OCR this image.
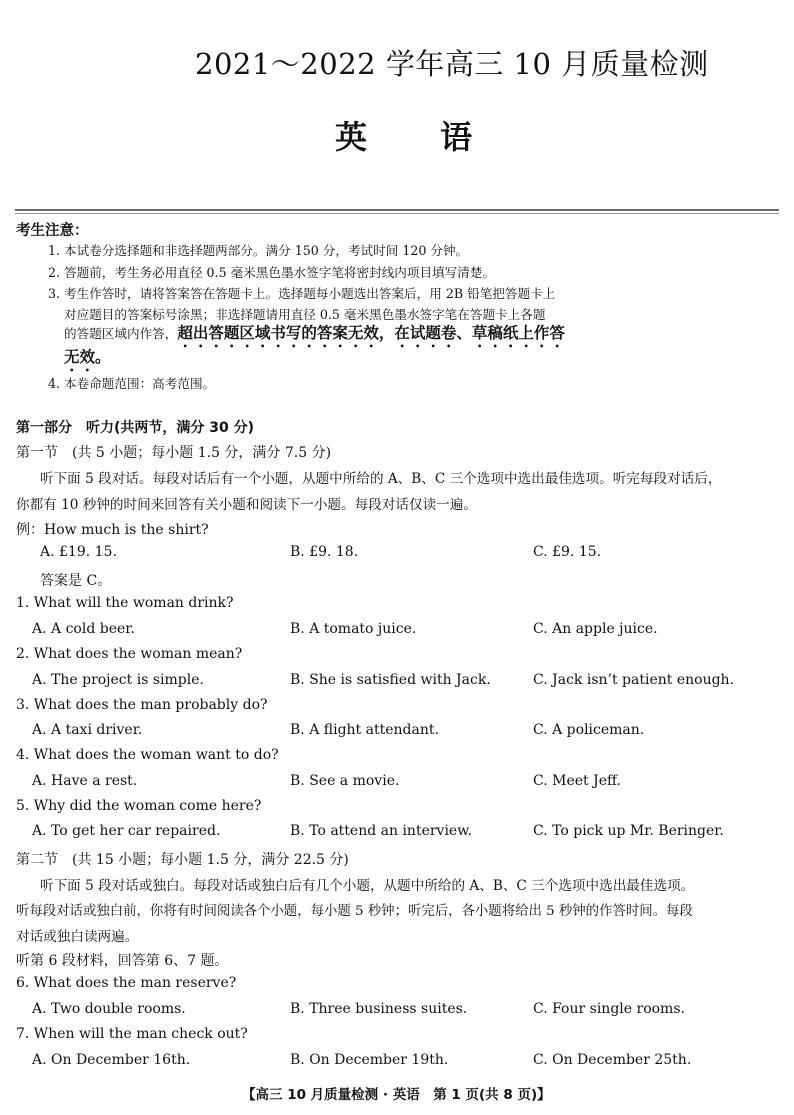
2021～2022 学年高三 10 月质量检测
英 语
考生注意：
1. 本试卷分选择题和非选择题两部分。满分 150 分，考试时间 120 分钟。
2. 答题前，考生务必用直径 0.5 毫米黑色墨水签字笔将密封线内项目填写清楚。
3. 考生作答时，请将答案答在答题卡上。选择题每小题选出答案后，用 2B 铅笔把答题卡上
对应题目的答案标号涂黑；非选择题请用直径 0.5 毫米黑色墨水签字笔在答题卡上各题
的答题区域内作答，超出答题区域书写的答案无效，在试题卷、草稿纸上作答
无效。
4. 本卷命题范围：高考范围。
第一部分　听力(共两节，满分 30 分)
第一节　(共 5 小题；每小题 1.5 分，满分 7.5 分)
听下面 5 段对话。每段对话后有一个小题，从题中所给的 A、B、C 三个选项中选出最佳选项。听完每段对话后，
你都有 10 秒钟的时间来回答有关小题和阅读下一小题。每段对话仅读一遍。
例：How much is the shirt?
A. £19. 15.	B. £9. 18.	C. £9. 15.
答案是 C。
1. What will the woman drink?
A. A cold beer.	B. A tomato juice.	C. An apple juice.
2. What does the woman mean?
A. The project is simple.	B. She is satisfied with Jack.	C. Jack isn’t patient enough.
3. What does the man probably do?
A. A taxi driver.	B. A flight attendant.	C. A policeman.
4. What does the woman want to do?
A. Have a rest.	B. See a movie.	C. Meet Jeff.
5. Why did the woman come here?
A. To get her car repaired.	B. To attend an interview.	C. To pick up Mr. Beringer.
第二节　(共 15 小题；每小题 1.5 分，满分 22.5 分)
听下面 5 段对话或独白。每段对话或独白后有几个小题，从题中所给的 A、B、C 三个选项中选出最佳选项。
听每段对话或独白前，你将有时间阅读各个小题，每小题 5 秒钟；听完后，各小题将给出 5 秒钟的作答时间。每段
对话或独白读两遍。
听第 6 段材料，回答第 6、7 题。
6. What does the man reserve?
A. Two double rooms.	B. Three business suites.	C. Four single rooms.
7. When will the man check out?
A. On December 16th.	B. On December 19th.	C. On December 25th.
【高三 10 月质量检测 · 英语　第 1 页(共 8 页)】
